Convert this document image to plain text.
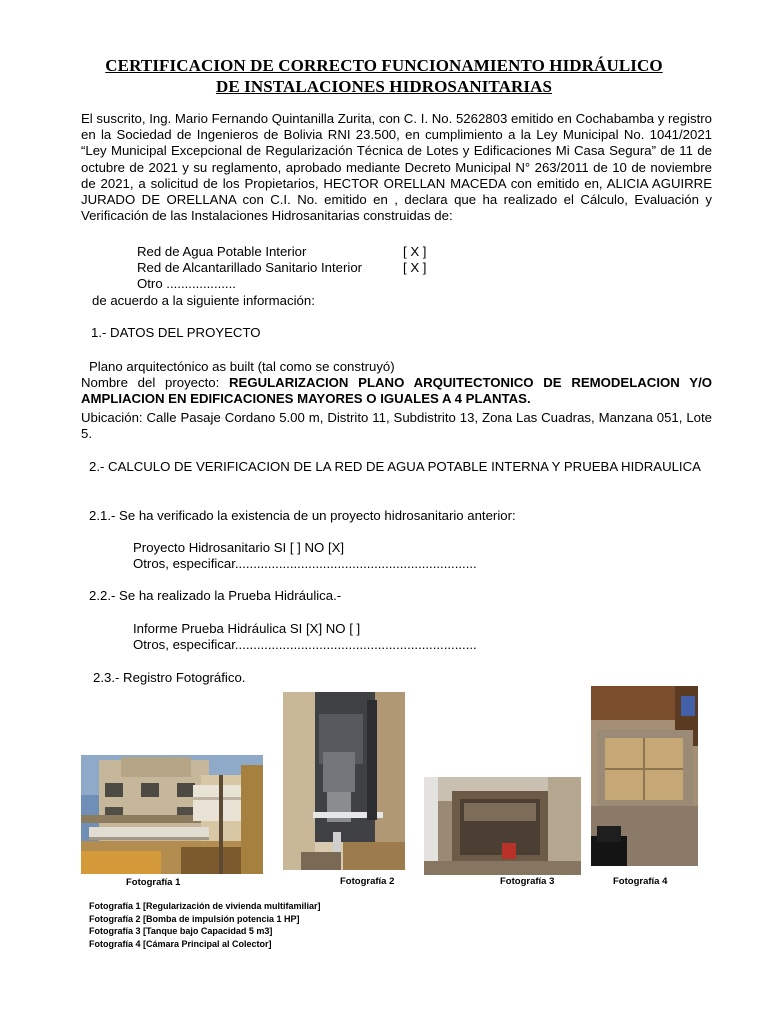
CERTIFICACION DE CORRECTO FUNCIONAMIENTO HIDRÁULICO
DE INSTALACIONES HIDROSANITARIAS
El suscrito, Ing. Mario Fernando Quintanilla Zurita, con C. I. No. 5262803 emitido en Cochabamba y registro en la Sociedad de Ingenieros de Bolivia RNI 23.500, en cumplimiento a la Ley Municipal No. 1041/2021 “Ley Municipal Excepcional de Regularización Técnica de Lotes y Edificaciones Mi Casa Segura” de 11 de octubre de 2021 y su reglamento, aprobado mediante Decreto Municipal N° 263/2011 de 10 de noviembre de 2021, a solicitud de los Propietarios, HECTOR ORELLAN MACEDA con emitido en, ALICIA AGUIRRE JURADO DE ORELLANA con C.I. No. emitido en , declara que ha realizado el Cálculo, Evaluación y Verificación de las Instalaciones Hidrosanitarias construidas de:
Red de Agua Potable Interior	[ X ]
Red de Alcantarillado Sanitario Interior	[ X ]
Otro ...................
de acuerdo a la siguiente información:
1.- DATOS DEL PROYECTO
Plano arquitectónico as built (tal como se construyó)
Nombre del proyecto: REGULARIZACION PLANO ARQUITECTONICO DE REMODELACION Y/O AMPLIACION EN EDIFICACIONES MAYORES O IGUALES A 4 PLANTAS.
Ubicación: Calle Pasaje Cordano 5.00 m, Distrito 11, Subdistrito 13, Zona Las Cuadras, Manzana 051, Lote 5.
2.- CALCULO DE VERIFICACION DE LA RED DE AGUA POTABLE INTERNA Y PRUEBA HIDRAULICA
2.1.- Se ha verificado la existencia de un proyecto hidrosanitario anterior:
Proyecto Hidrosanitario SI [ ] NO [X]
Otros, especificar..................................................................
2.2.- Se ha realizado la Prueba Hidráulica.-
Informe Prueba Hidráulica SI [X] NO [ ]
Otros, especificar..................................................................
2.3.- Registro Fotográfico.
Fotografía 1	Fotografía 2	Fotografía 3	Fotografía 4
Fotografía 1 [Regularización de vivienda multifamiliar]
Fotografía 2 [Bomba de impulsión potencia 1 HP]
Fotografía 3 [Tanque bajo Capacidad 5 m3]
Fotografía 4 [Cámara Principal al Colector]
